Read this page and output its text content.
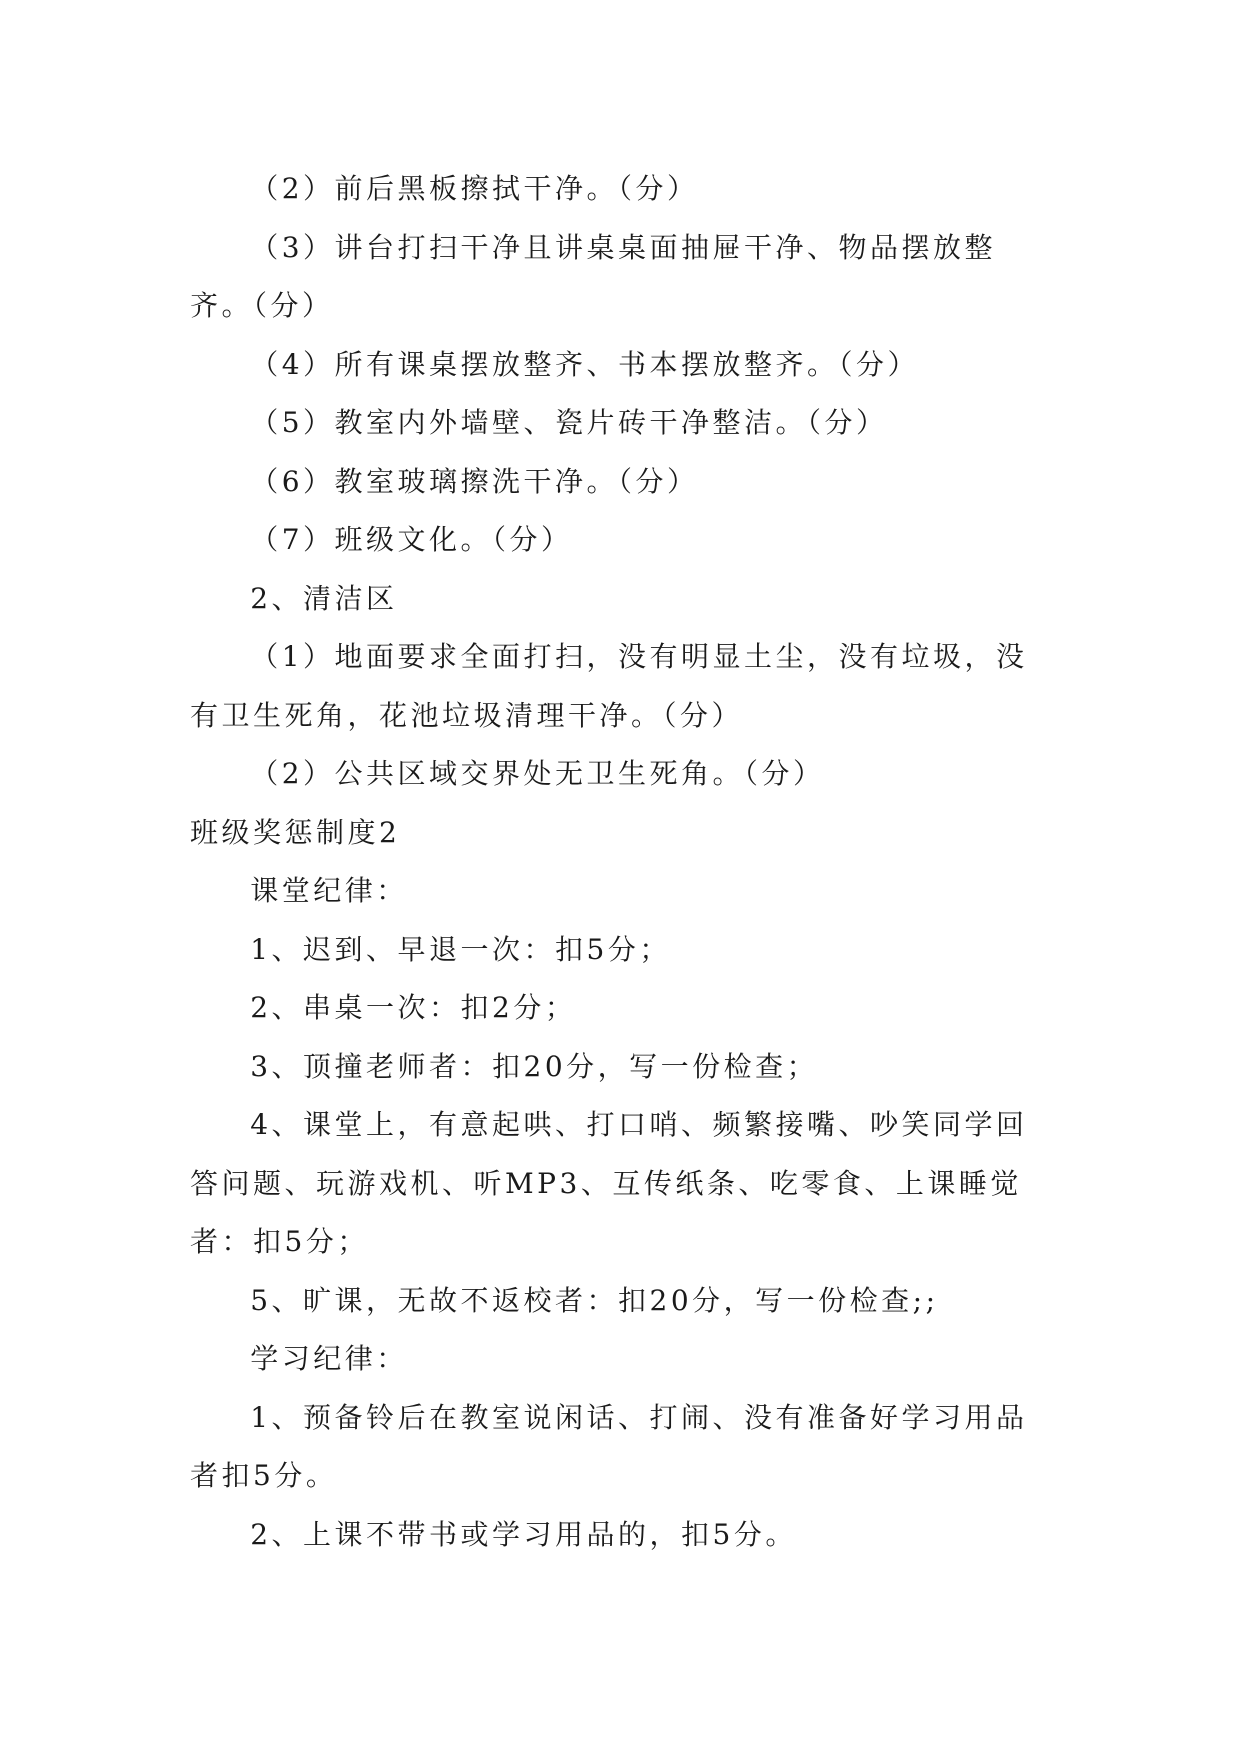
（2）前后黑板擦拭干净。（分）

（3）讲台打扫干净且讲桌桌面抽屉干净、物品摆放整齐。（分）

（4）所有课桌摆放整齐、书本摆放整齐。（分）

（5）教室内外墙壁、瓷片砖干净整洁。（分）

（6）教室玻璃擦洗干净。（分）

（7）班级文化。（分）

2、清洁区

（1）地面要求全面打扫，没有明显土尘，没有垃圾，没有卫生死角，花池垃圾清理干净。（分）

（2）公共区域交界处无卫生死角。（分）

班级奖惩制度2

课堂纪律：

1、迟到、早退一次：扣5分；

2、串桌一次：扣2分；

3、顶撞老师者：扣20分，写一份检查；

4、课堂上，有意起哄、打口哨、频繁接嘴、吵笑同学回答问题、玩游戏机、听MP3、互传纸条、吃零食、上课睡觉者：扣5分；

5、旷课，无故不返校者：扣20分，写一份检查;;

学习纪律：

1、预备铃后在教室说闲话、打闹、没有准备好学习用品者扣5分。

2、上课不带书或学习用品的，扣5分。
